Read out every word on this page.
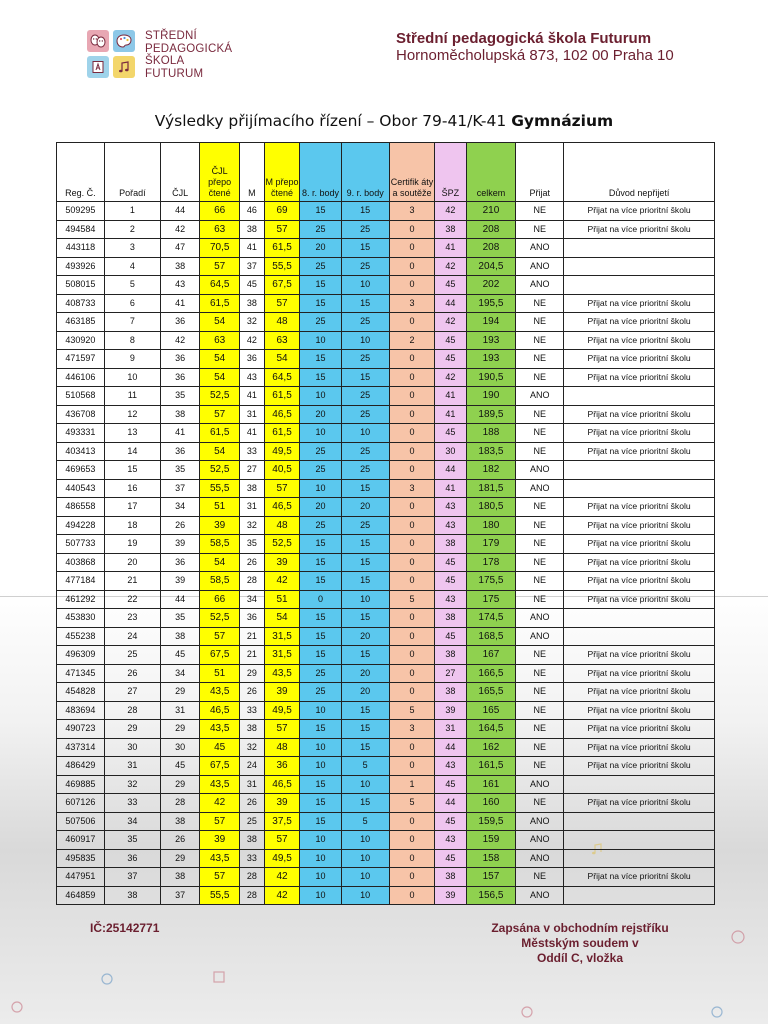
STŘEDNÍ
PEDAGOGICKÁ
ŠKOLA
FUTURUM
Střední pedagogická škola Futurum
Hornoměcholupská 873, 102 00 Praha 10
Výsledky přijímacího řízení – Obor 79-41/K-41 Gymnázium
Reg. Č.	Pořadí	ČJL	ČJL přepo čtené	M	M přepo čtené	8. r. body	9. r. body	Certifik áty a soutěže	ŠPZ	celkem	Přijat	Důvod nepřijetí
509295	1	44	66	46	69	15	15	3	42	210	NE	Přijat na více prioritní školu
494584	2	42	63	38	57	25	25	0	38	208	NE	Přijat na více prioritní školu
443118	3	47	70,5	41	61,5	20	15	0	41	208	ANO	
493926	4	38	57	37	55,5	25	25	0	42	204,5	ANO	
508015	5	43	64,5	45	67,5	15	10	0	45	202	ANO	
408733	6	41	61,5	38	57	15	15	3	44	195,5	NE	Přijat na více prioritní školu
463185	7	36	54	32	48	25	25	0	42	194	NE	Přijat na více prioritní školu
430920	8	42	63	42	63	10	10	2	45	193	NE	Přijat na více prioritní školu
471597	9	36	54	36	54	15	25	0	45	193	NE	Přijat na více prioritní školu
446106	10	36	54	43	64,5	15	15	0	42	190,5	NE	Přijat na více prioritní školu
510568	11	35	52,5	41	61,5	10	25	0	41	190	ANO	
436708	12	38	57	31	46,5	20	25	0	41	189,5	NE	Přijat na více prioritní školu
493331	13	41	61,5	41	61,5	10	10	0	45	188	NE	Přijat na více prioritní školu
403413	14	36	54	33	49,5	25	25	0	30	183,5	NE	Přijat na více prioritní školu
469653	15	35	52,5	27	40,5	25	25	0	44	182	ANO	
440543	16	37	55,5	38	57	10	15	3	41	181,5	ANO	
486558	17	34	51	31	46,5	20	20	0	43	180,5	NE	Přijat na více prioritní školu
494228	18	26	39	32	48	25	25	0	43	180	NE	Přijat na více prioritní školu
507733	19	39	58,5	35	52,5	15	15	0	38	179	NE	Přijat na více prioritní školu
403868	20	36	54	26	39	15	15	0	45	178	NE	Přijat na více prioritní školu
477184	21	39	58,5	28	42	15	15	0	45	175,5	NE	Přijat na více prioritní školu
461292	22	44	66	34	51	0	10	5	43	175	NE	Přijat na více prioritní školu
453830	23	35	52,5	36	54	15	15	0	38	174,5	ANO	
455238	24	38	57	21	31,5	15	20	0	45	168,5	ANO	
496309	25	45	67,5	21	31,5	15	15	0	38	167	NE	Přijat na více prioritní školu
471345	26	34	51	29	43,5	25	20	0	27	166,5	NE	Přijat na více prioritní školu
454828	27	29	43,5	26	39	25	20	0	38	165,5	NE	Přijat na více prioritní školu
483694	28	31	46,5	33	49,5	10	15	5	39	165	NE	Přijat na více prioritní školu
490723	29	29	43,5	38	57	15	15	3	31	164,5	NE	Přijat na více prioritní školu
437314	30	30	45	32	48	10	15	0	44	162	NE	Přijat na více prioritní školu
486429	31	45	67,5	24	36	10	5	0	43	161,5	NE	Přijat na více prioritní školu
469885	32	29	43,5	31	46,5	15	10	1	45	161	ANO	
607126	33	28	42	26	39	15	15	5	44	160	NE	Přijat na více prioritní školu
507506	34	38	57	25	37,5	15	5	0	45	159,5	ANO	
460917	35	26	39	38	57	10	10	0	43	159	ANO	
495835	36	29	43,5	33	49,5	10	10	0	45	158	ANO	
447951	37	38	57	28	42	10	10	0	38	157	NE	Přijat na více prioritní školu
464859	38	37	55,5	28	42	10	10	0	39	156,5	ANO	
IČ:25142771	Zapsána v obchodním rejstříku
Městským soudem v
Oddíl C, vložka
